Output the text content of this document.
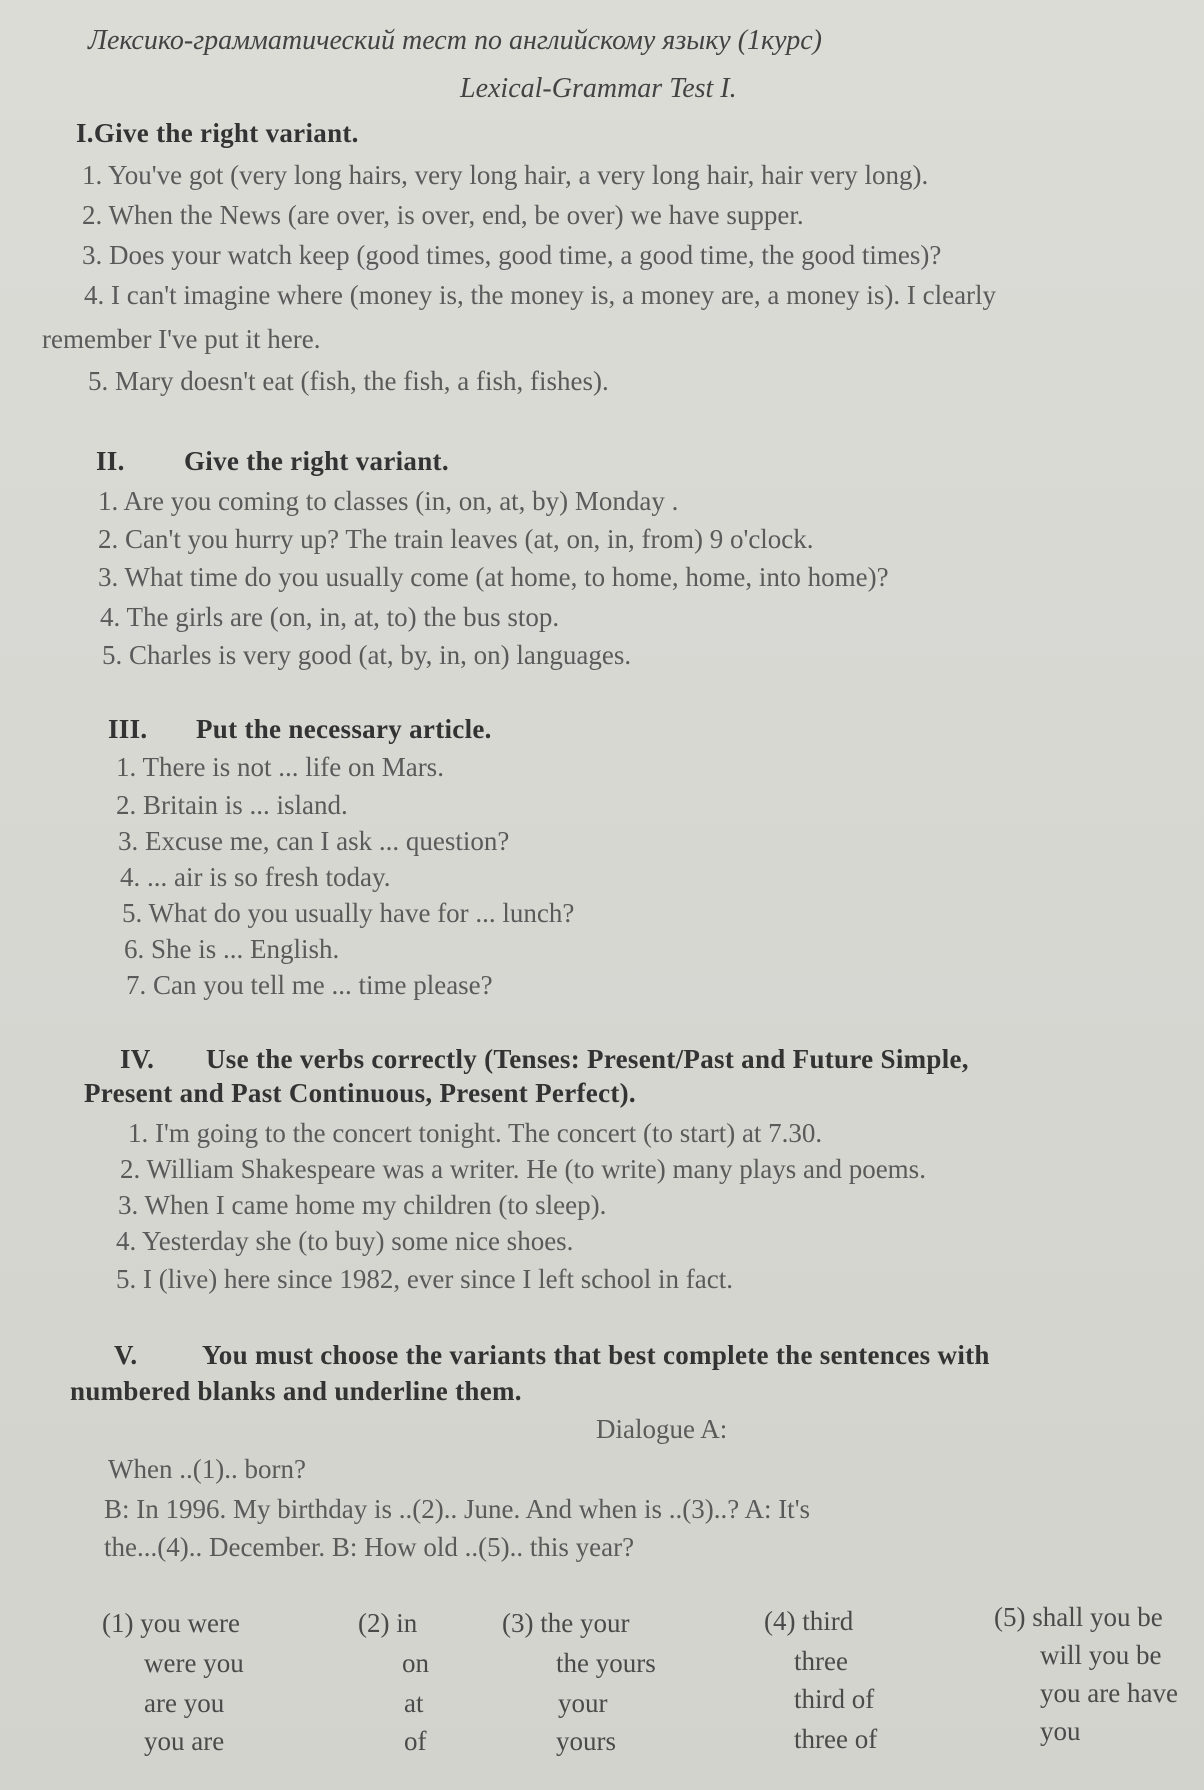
Лексико-грамматический тест по английскому языку (1курс)
Lexical-Grammar Test I.
I.Give the right variant.
1. You've got (very long hairs, very long hair, a very long hair, hair very long).
2. When the News (are over, is over, end, be over) we have supper.
3. Does your watch keep (good times, good time, a good time, the good times)?
4. I can't imagine where (money is, the money is, a money are, a money is). I clearly
remember I've put it here.
5. Mary doesn't eat (fish, the fish, a fish, fishes).
II. Give the right variant.
1. Are you coming to classes (in, on, at, by) Monday .
2. Can't you hurry up? The train leaves (at, on, in, from) 9 o'clock.
3. What time do you usually come (at home, to home, home, into home)?
4. The girls are (on, in, at, to) the bus stop.
5. Charles is very good (at, by, in, on) languages.
III. Put the necessary article.
1. There is not ... life on Mars.
2. Britain is ... island.
3. Excuse me, can I ask ... question?
4. ... air is so fresh today.
5. What do you usually have for ... lunch?
6. She is ... English.
7. Can you tell me ... time please?
IV. Use the verbs correctly (Tenses: Present/Past and Future Simple,
Present and Past Continuous, Present Perfect).
1. I'm going to the concert tonight. The concert (to start) at 7.30.
2. William Shakespeare was a writer. He (to write) many plays and poems.
3. When I came home my children (to sleep).
4. Yesterday she (to buy) some nice shoes.
5. I (live) here since 1982, ever since I left school in fact.
V. You must choose the variants that best complete the sentences with
numbered blanks and underline them.
Dialogue A:
When ..(1).. born?
B: In 1996. My birthday is ..(2).. June. And when is ..(3)..? A: It's
the...(4).. December. B: How old ..(5).. this year?
(1) you were
were you
are you
you are
(2) in
on
at
of
(3) the your
the yours
your
yours
(4) third
three
third of
three of
(5) shall you be
will you be
you are have
you
